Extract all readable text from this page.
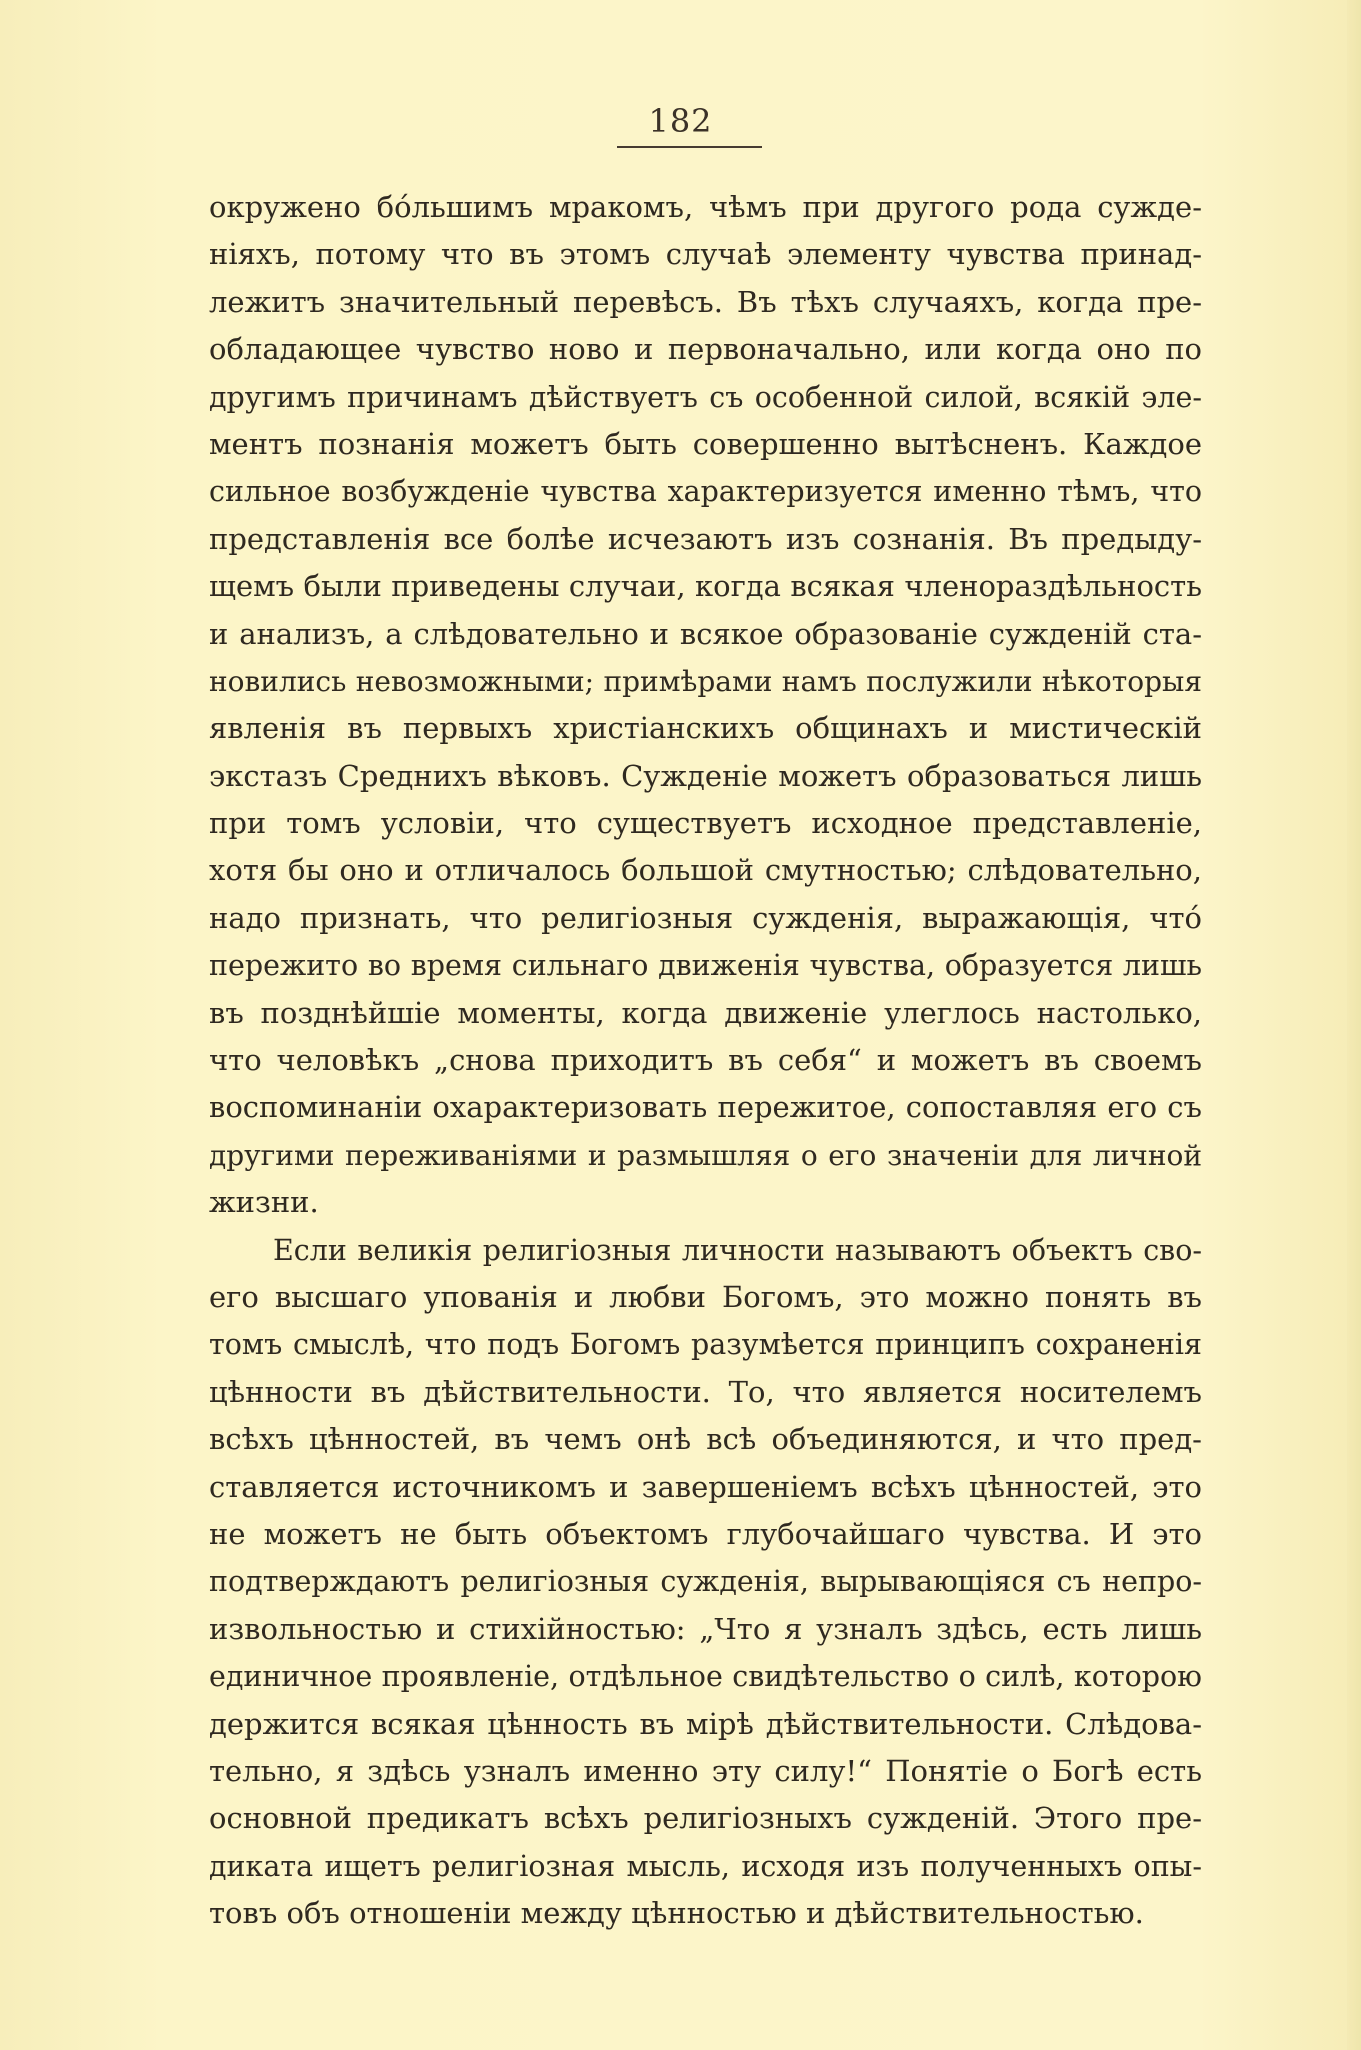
182
окружено бо́льшимъ мракомъ, чѣмъ при другого рода сужде-
ніяхъ, потому что въ этомъ случаѣ элементу чувства принад-
лежитъ значительный перевѣсъ. Въ тѣхъ случаяхъ, когда пре-
обладающее чувство ново и первоначально, или когда оно по
другимъ причинамъ дѣйствуетъ съ особенной силой, всякій эле-
ментъ познанія можетъ быть совершенно вытѣсненъ. Каждое
сильное возбужденіе чувства характеризуется именно тѣмъ, что
представленія все болѣе исчезаютъ изъ сознанія. Въ предыду-
щемъ были приведены случаи, когда всякая членораздѣльность
и анализъ, а слѣдовательно и всякое образованіе сужденій ста-
новились невозможными; примѣрами намъ послужили нѣкоторыя
явленія въ первыхъ христіанскихъ общинахъ и мистическій
экстазъ Среднихъ вѣковъ. Сужденіе можетъ образоваться лишь
при томъ условіи, что существуетъ исходное представленіе,
хотя бы оно и отличалось большой смутностью; слѣдовательно,
надо признать, что религіозныя сужденія, выражающія, что́
пережито во время сильнаго движенія чувства, образуется лишь
въ позднѣйшіе моменты, когда движеніе улеглось настолько,
что человѣкъ „снова приходитъ въ себя“ и можетъ въ своемъ
воспоминаніи охарактеризовать пережитое, сопоставляя его съ
другими переживаніями и размышляя о его значеніи для личной
жизни.
Если великія религіозныя личности называютъ объектъ сво-
его высшаго упованія и любви Богомъ, это можно понять въ
томъ смыслѣ, что подъ Богомъ разумѣется принципъ сохраненія
цѣнности въ дѣйствительности. То, что является носителемъ
всѣхъ цѣнностей, въ чемъ онѣ всѣ объединяются, и что пред-
ставляется источникомъ и завершеніемъ всѣхъ цѣнностей, это
не можетъ не быть объектомъ глубочайшаго чувства. И это
подтверждаютъ религіозныя сужденія, вырывающіяся съ непро-
извольностью и стихійностью: „Что я узналъ здѣсь, есть лишь
единичное проявленіе, отдѣльное свидѣтельство о силѣ, которою
держится всякая цѣнность въ мірѣ дѣйствительности. Слѣдова-
тельно, я здѣсь узналъ именно эту силу!“ Понятіе о Богѣ есть
основной предикатъ всѣхъ религіозныхъ сужденій. Этого пре-
диката ищетъ религіозная мысль, исходя изъ полученныхъ опы-
товъ объ отношеніи между цѣнностью и дѣйствительностью.
